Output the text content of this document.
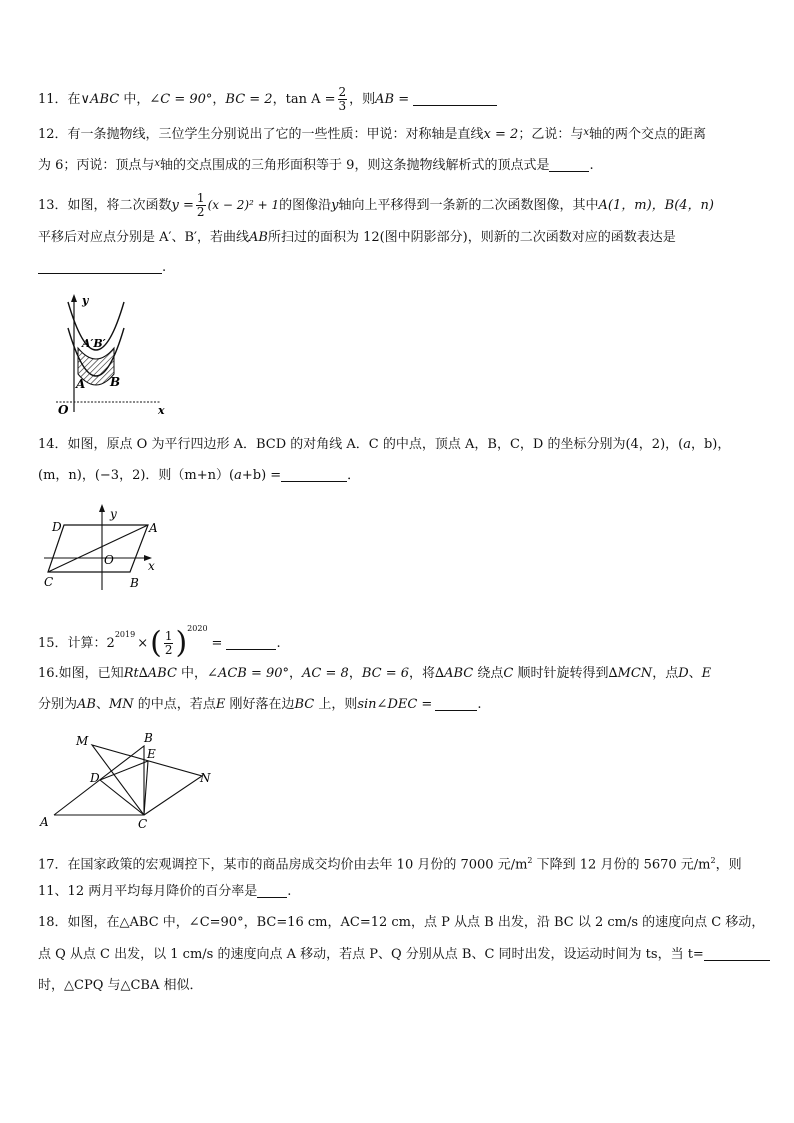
11．在∨ABC 中，∠C = 90°，BC = 2，$\tan A = \frac{2}{3}$ ，则AB =
12．有一条抛物线，三位学生分别说出了它的一些性质：甲说：对称轴是直线x = 2；乙说：与$^x$轴的两个交点的距离
为 6；丙说：顶点与$^x$轴的交点围成的三角形面积等于 9，则这条抛物线解析式的顶点式是	.
13．如图，将二次函数$y = \frac{1}{2} (x - 2)^2 + 1$的图像沿y轴向上平移得到一条新的二次函数图像，其中A(1，m)，B(4，n)
平移后对应点分别是 A′、B′，若曲线AB所扫过的面积为 12(图中阴影部分)，则新的二次函数对应的函数表达是
.
y
x
O
A B
A′B′
14．如图，原点 O 为平行四边形 A．BCD 的对角线 A．C 的中点，顶点 A，B，C，D 的坐标分别为(4，2)，(a，b)，
(m，n)，(−3，2)．则（m+n）(a+b) =	．
D	A
y
O	x
C	B
15．计算：$2^{2019}\times( \frac{1}{2} )^{2020}=$	.
16.如图，已知Rt∆ABC 中，∠ACB = 90°，AC = 8，BC = 6，将∆ABC 绕点C 顺时针旋转得到∆MCN，点D、E
分别为AB、MN 的中点，若点E 刚好落在边BC 上，则sin∠DEC =	.
M	B
E
D	N
A	C
17．在国家政策的宏观调控下，某市的商品房成交均价由去年 10 月份的 7000 元$/m^2$ 下降到 12 月份的 5670 元$/m^2$，则
11、12 两月平均每月降价的百分率是 .
18．如图，在△ABC 中，∠C=90°，BC=16 cm，AC=12 cm，点 P 从点 B 出发，沿 BC 以 2 cm/s 的速度向点 C 移动，
点 Q 从点 C 出发，以 1 cm/s 的速度向点 A 移动，若点 P、Q 分别从点 B、C 同时出发，设运动时间为 ts，当 t=
时，△CPQ 与△CBA 相似．
